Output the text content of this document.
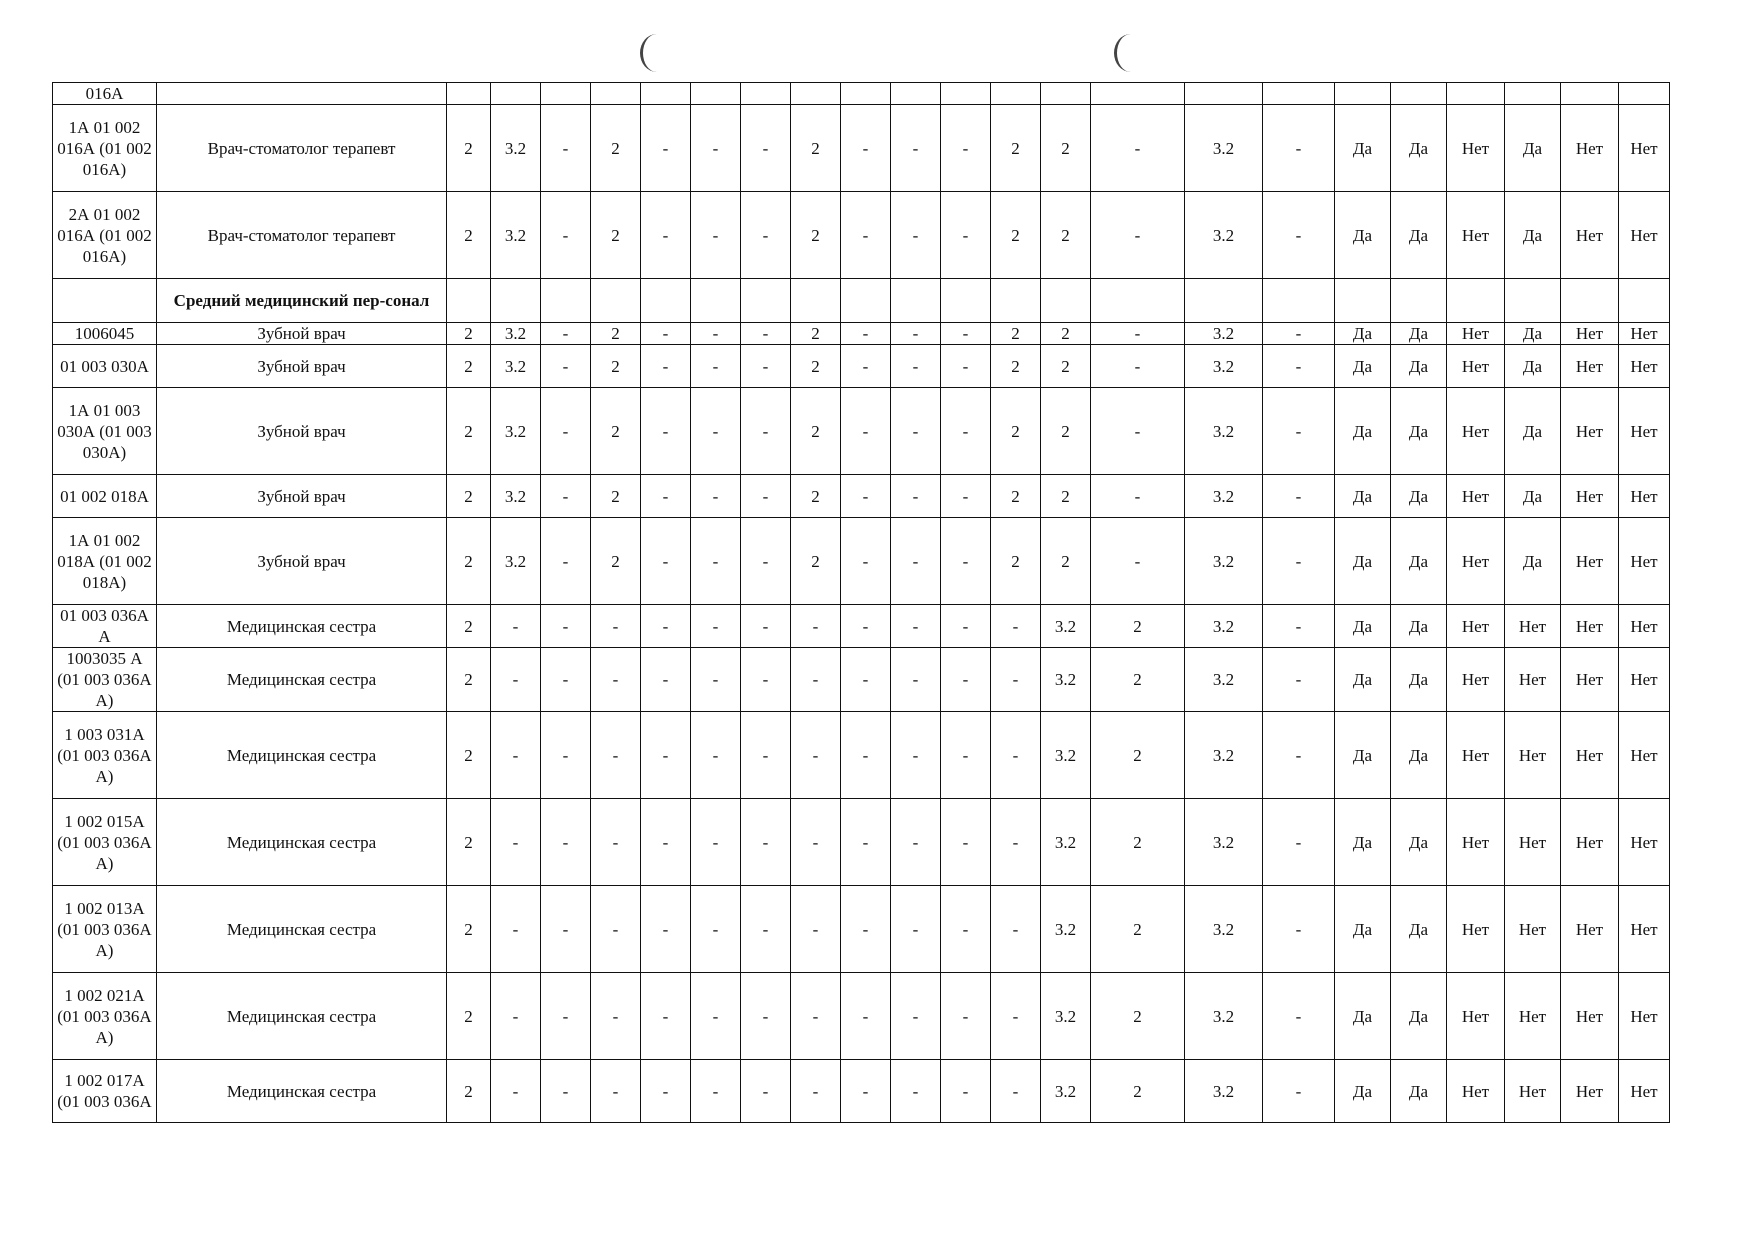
016А																							
1А 01 002 016А (01 002 016А)	Врач-стоматолог терапевт	2	3.2	-	2	-	-	-	2	-	-	-	2	2	-	3.2	-	Да	Да	Нет	Да	Нет	Нет
2А 01 002 016А (01 002 016А)	Врач-стоматолог терапевт	2	3.2	-	2	-	-	-	2	-	-	-	2	2	-	3.2	-	Да	Да	Нет	Да	Нет	Нет
	Средний медицинский пер-сонал																						
1006045	Зубной врач	2	3.2	-	2	-	-	-	2	-	-	-	2	2	-	3.2	-	Да	Да	Нет	Да	Нет	Нет
01 003 030А	Зубной врач	2	3.2	-	2	-	-	-	2	-	-	-	2	2	-	3.2	-	Да	Да	Нет	Да	Нет	Нет
1А 01 003 030А (01 003 030А)	Зубной врач	2	3.2	-	2	-	-	-	2	-	-	-	2	2	-	3.2	-	Да	Да	Нет	Да	Нет	Нет
01 002 018А	Зубной врач	2	3.2	-	2	-	-	-	2	-	-	-	2	2	-	3.2	-	Да	Да	Нет	Да	Нет	Нет
1А 01 002 018А (01 002 018А)	Зубной врач	2	3.2	-	2	-	-	-	2	-	-	-	2	2	-	3.2	-	Да	Да	Нет	Да	Нет	Нет
01 003 036А А	Медицинская сестра	2	-	-	-	-	-	-	-	-	-	-	-	3.2	2	3.2	-	Да	Да	Нет	Нет	Нет	Нет
1003035 А (01 003 036А А)	Медицинская сестра	2	-	-	-	-	-	-	-	-	-	-	-	3.2	2	3.2	-	Да	Да	Нет	Нет	Нет	Нет
1 003 031А (01 003 036А А)	Медицинская сестра	2	-	-	-	-	-	-	-	-	-	-	-	3.2	2	3.2	-	Да	Да	Нет	Нет	Нет	Нет
1 002 015А (01 003 036А А)	Медицинская сестра	2	-	-	-	-	-	-	-	-	-	-	-	3.2	2	3.2	-	Да	Да	Нет	Нет	Нет	Нет
1 002 013А (01 003 036А А)	Медицинская сестра	2	-	-	-	-	-	-	-	-	-	-	-	3.2	2	3.2	-	Да	Да	Нет	Нет	Нет	Нет
1 002 021А (01 003 036А А)	Медицинская сестра	2	-	-	-	-	-	-	-	-	-	-	-	3.2	2	3.2	-	Да	Да	Нет	Нет	Нет	Нет
1 002 017А (01 003 036А	Медицинская сестра	2	-	-	-	-	-	-	-	-	-	-	-	3.2	2	3.2	-	Да	Да	Нет	Нет	Нет	Нет
